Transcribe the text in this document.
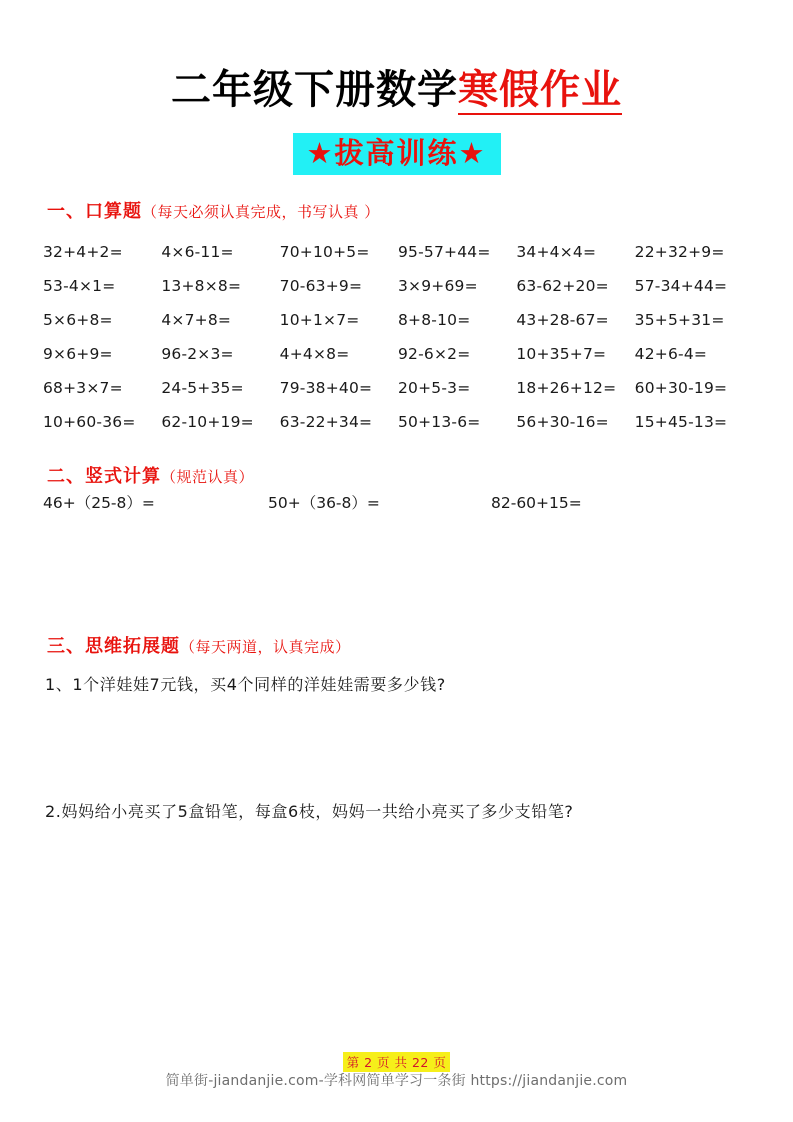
二年级下册数学寒假作业
★拔高训练★
一、口算题（每天必须认真完成，书写认真 ）
32+4+2=	4×6-11=	70+10+5=	95-57+44=	34+4×4=	22+32+9=
53-4×1=	13+8×8=	70-63+9=	3×9+69=	63-62+20=	57-34+44=
5×6+8=	4×7+8=	10+1×7=	8+8-10=	43+28-67=	35+5+31=
9×6+9=	96-2×3=	4+4×8=	92-6×2=	10+35+7=	42+6-4=
68+3×7=	24-5+35=	79-38+40=	20+5-3=	18+26+12=	60+30-19=
10+60-36=	62-10+19=	63-22+34=	50+13-6=	56+30-16=	15+45-13=
二、竖式计算（规范认真）
46+（25-8）=	50+（36-8）=	82-60+15=
三、思维拓展题（每天两道，认真完成）
1、1个洋娃娃7元钱，买4个同样的洋娃娃需要多少钱?
2.妈妈给小亮买了5盒铅笔，每盒6枝，妈妈一共给小亮买了多少支铅笔?
第 2 页 共 22 页
简单街-jiandanjie.com-学科网简单学习一条街 https://jiandanjie.com
